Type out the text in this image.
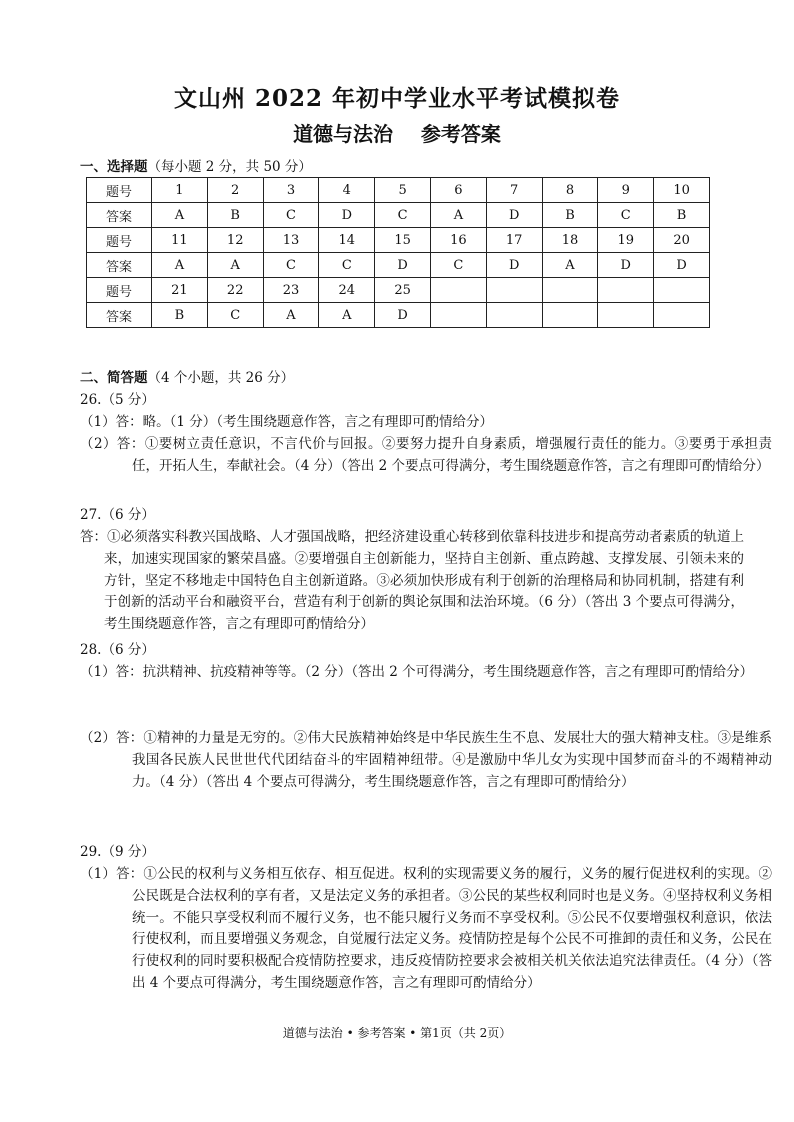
文山州 2022 年初中学业水平考试模拟卷
道德与法治    参考答案
一、选择题（每小题 2 分，共 50 分）
题号	1	2	3	4	5	6	7	8	9	10
答案	A	B	C	D	C	A	D	B	C	B
题号	11	12	13	14	15	16	17	18	19	20
答案	A	A	C	C	D	C	D	A	D	D
题号	21	22	23	24	25					
答案	B	C	A	A	D					
二、简答题（4 个小题，共 26 分）
26.（5 分）
（1）答：略。（1 分）（考生围绕题意作答，言之有理即可酌情给分）
（2）答：①要树立责任意识，不言代价与回报。②要努力提升自身素质，增强履行责任的能力。③要勇于承担责任，开拓人生，奉献社会。（4 分）（答出 2 个要点可得满分，考生围绕题意作答，言之有理即可酌情给分）
27.（6 分）
答：①必须落实科教兴国战略、人才强国战略，把经济建设重心转移到依靠科技进步和提高劳动者素质的轨道上来，加速实现国家的繁荣昌盛。②要增强自主创新能力，坚持自主创新、重点跨越、支撑发展、引领未来的方针，坚定不移地走中国特色自主创新道路。③必须加快形成有利于创新的治理格局和协同机制，搭建有利于创新的活动平台和融资平台，营造有利于创新的舆论氛围和法治环境。（6 分）（答出 3 个要点可得满分，考生围绕题意作答，言之有理即可酌情给分）
28.（6 分）
（1）答：抗洪精神、抗疫精神等等。（2 分）（答出 2 个可得满分，考生围绕题意作答，言之有理即可酌情给分）
（2）答：①精神的力量是无穷的。②伟大民族精神始终是中华民族生生不息、发展壮大的强大精神支柱。③是维系我国各民族人民世世代代团结奋斗的牢固精神纽带。④是激励中华儿女为实现中国梦而奋斗的不竭精神动力。（4 分）（答出 4 个要点可得满分，考生围绕题意作答，言之有理即可酌情给分）
29.（9 分）
（1）答：①公民的权利与义务相互依存、相互促进。权利的实现需要义务的履行，义务的履行促进权利的实现。②公民既是合法权利的享有者，又是法定义务的承担者。③公民的某些权利同时也是义务。④坚持权利义务相统一。不能只享受权利而不履行义务，也不能只履行义务而不享受权利。⑤公民不仅要增强权利意识，依法行使权利，而且要增强义务观念，自觉履行法定义务。疫情防控是每个公民不可推卸的责任和义务，公民在行使权利的同时要积极配合疫情防控要求，违反疫情防控要求会被相关机关依法追究法律责任。（4 分）（答出 4 个要点可得满分，考生围绕题意作答，言之有理即可酌情给分）
道德与法治 • 参考答案 • 第1页（共 2页）
